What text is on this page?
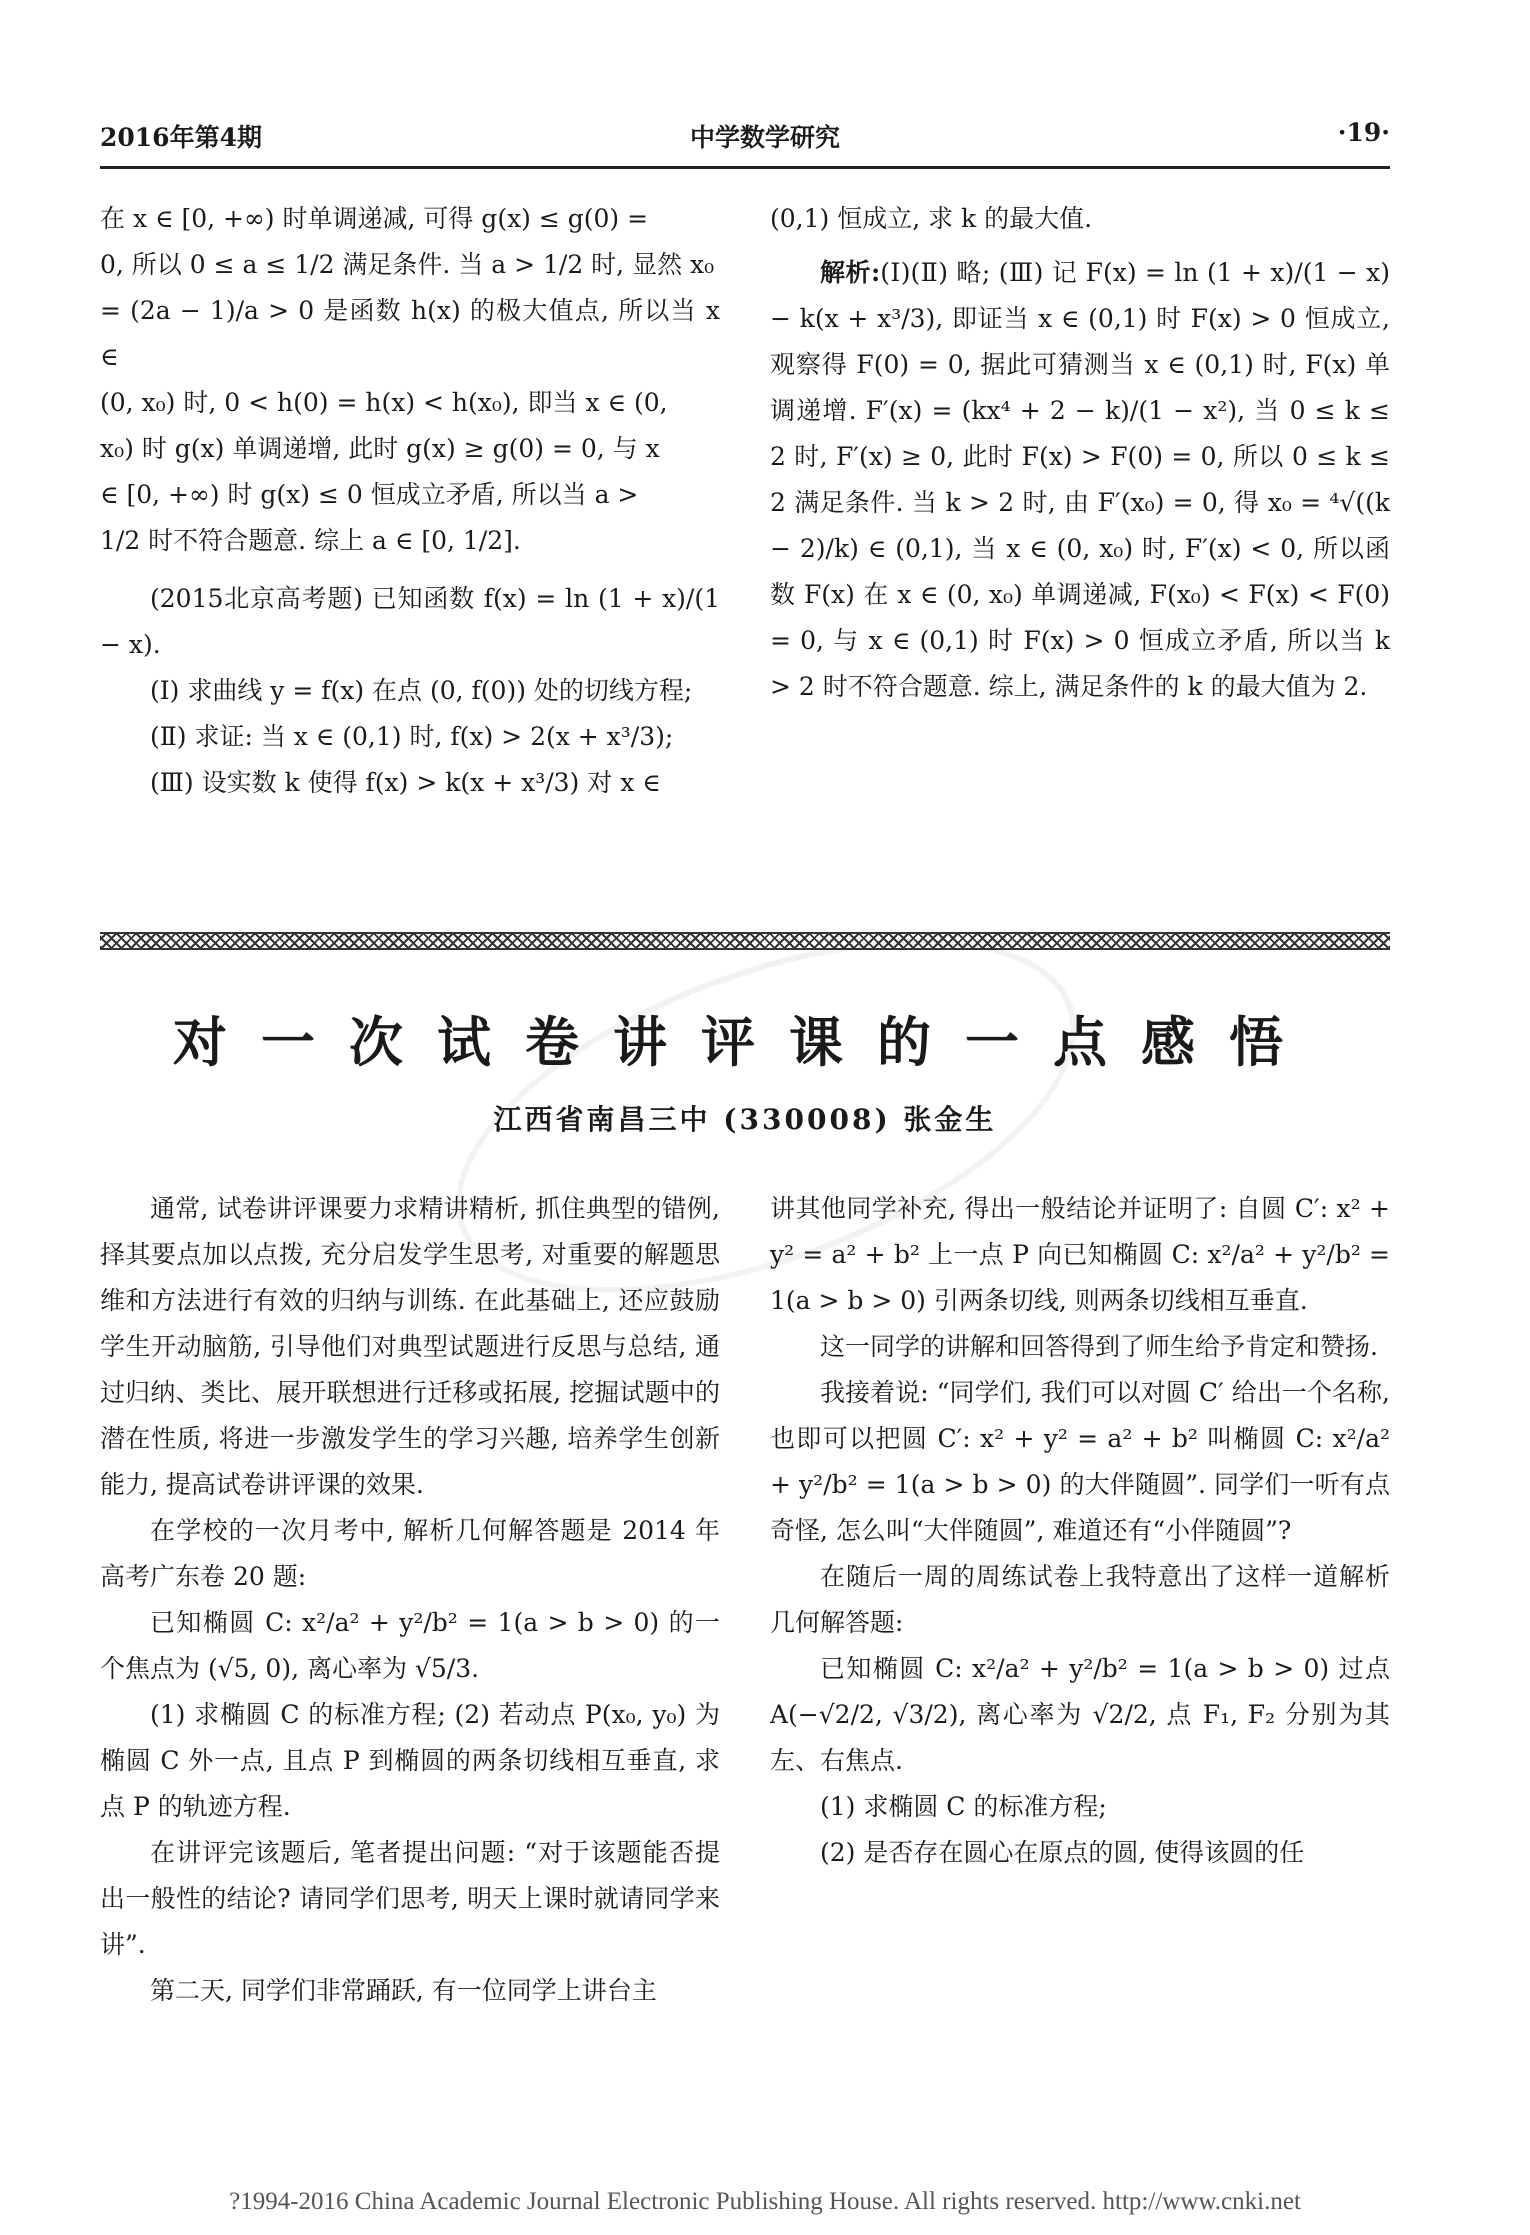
2016年第4期	中学数学研究	·19·

在 x ∈ [0, +∞) 时单调递减, 可得 g(x) ≤ g(0) =

0, 所以 0 ≤ a ≤ 1/2 满足条件. 当 a > 1/2 时, 显然 x₀

= (2a − 1)/a > 0 是函数 h(x) 的极大值点, 所以当 x ∈

(0, x₀) 时, 0 < h(0) = h(x) < h(x₀), 即当 x ∈ (0,

x₀) 时 g(x) 单调递增, 此时 g(x) ≥ g(0) = 0, 与 x

∈ [0, +∞) 时 g(x) ≤ 0 恒成立矛盾, 所以当 a >

1/2 时不符合题意. 综上 a ∈ [0, 1/2].

(2015北京高考题) 已知函数 f(x) = ln (1 + x)/(1 − x).

(Ⅰ) 求曲线 y = f(x) 在点 (0, f(0)) 处的切线方程;

(Ⅱ) 求证: 当 x ∈ (0,1) 时, f(x) > 2(x + x³/3);

(Ⅲ) 设实数 k 使得 f(x) > k(x + x³/3) 对 x ∈

(0,1) 恒成立, 求 k 的最大值.

解析:(Ⅰ)(Ⅱ) 略; (Ⅲ) 记 F(x) = ln (1 + x)/(1 − x) − k(x + x³/3), 即证当 x ∈ (0,1) 时 F(x) > 0 恒成立, 观察得 F(0) = 0, 据此可猜测当 x ∈ (0,1) 时, F(x) 单调递增. F′(x) = (kx⁴ + 2 − k)/(1 − x²), 当 0 ≤ k ≤ 2 时, F′(x) ≥ 0, 此时 F(x) > F(0) = 0, 所以 0 ≤ k ≤ 2 满足条件. 当 k > 2 时, 由 F′(x₀) = 0, 得 x₀ = ⁴√((k − 2)/k) ∈ (0,1), 当 x ∈ (0, x₀) 时, F′(x) < 0, 所以函数 F(x) 在 x ∈ (0, x₀) 单调递减, F(x₀) < F(x) < F(0) = 0, 与 x ∈ (0,1) 时 F(x) > 0 恒成立矛盾, 所以当 k > 2 时不符合题意. 综上, 满足条件的 k 的最大值为 2.

对一次试卷讲评课的一点感悟
江西省南昌三中 (330008) 张金生

通常, 试卷讲评课要力求精讲精析, 抓住典型的错例, 择其要点加以点拨, 充分启发学生思考, 对重要的解题思维和方法进行有效的归纳与训练. 在此基础上, 还应鼓励学生开动脑筋, 引导他们对典型试题进行反思与总结, 通过归纳、类比、展开联想进行迁移或拓展, 挖掘试题中的潜在性质, 将进一步激发学生的学习兴趣, 培养学生创新能力, 提高试卷讲评课的效果.

在学校的一次月考中, 解析几何解答题是 2014 年高考广东卷 20 题:

已知椭圆 C: x²/a² + y²/b² = 1(a > b > 0) 的一个焦点为 (√5, 0), 离心率为 √5/3.

(1) 求椭圆 C 的标准方程; (2) 若动点 P(x₀, y₀) 为椭圆 C 外一点, 且点 P 到椭圆的两条切线相互垂直, 求点 P 的轨迹方程.

在讲评完该题后, 笔者提出问题: “对于该题能否提出一般性的结论? 请同学们思考, 明天上课时就请同学来讲”.

第二天, 同学们非常踊跃, 有一位同学上讲台主

讲其他同学补充, 得出一般结论并证明了: 自圆 C′: x² + y² = a² + b² 上一点 P 向已知椭圆 C: x²/a² + y²/b² = 1(a > b > 0) 引两条切线, 则两条切线相互垂直.

这一同学的讲解和回答得到了师生给予肯定和赞扬.

我接着说: “同学们, 我们可以对圆 C′ 给出一个名称, 也即可以把圆 C′: x² + y² = a² + b² 叫椭圆 C: x²/a² + y²/b² = 1(a > b > 0) 的大伴随圆”. 同学们一听有点奇怪, 怎么叫“大伴随圆”, 难道还有“小伴随圆”?

在随后一周的周练试卷上我特意出了这样一道解析几何解答题:

已知椭圆 C: x²/a² + y²/b² = 1(a > b > 0) 过点 A(−√2/2, √3/2), 离心率为 √2/2, 点 F₁, F₂ 分别为其左、右焦点.

(1) 求椭圆 C 的标准方程;

(2) 是否存在圆心在原点的圆, 使得该圆的任

?1994-2016 China Academic Journal Electronic Publishing House. All rights reserved. http://www.cnki.net
